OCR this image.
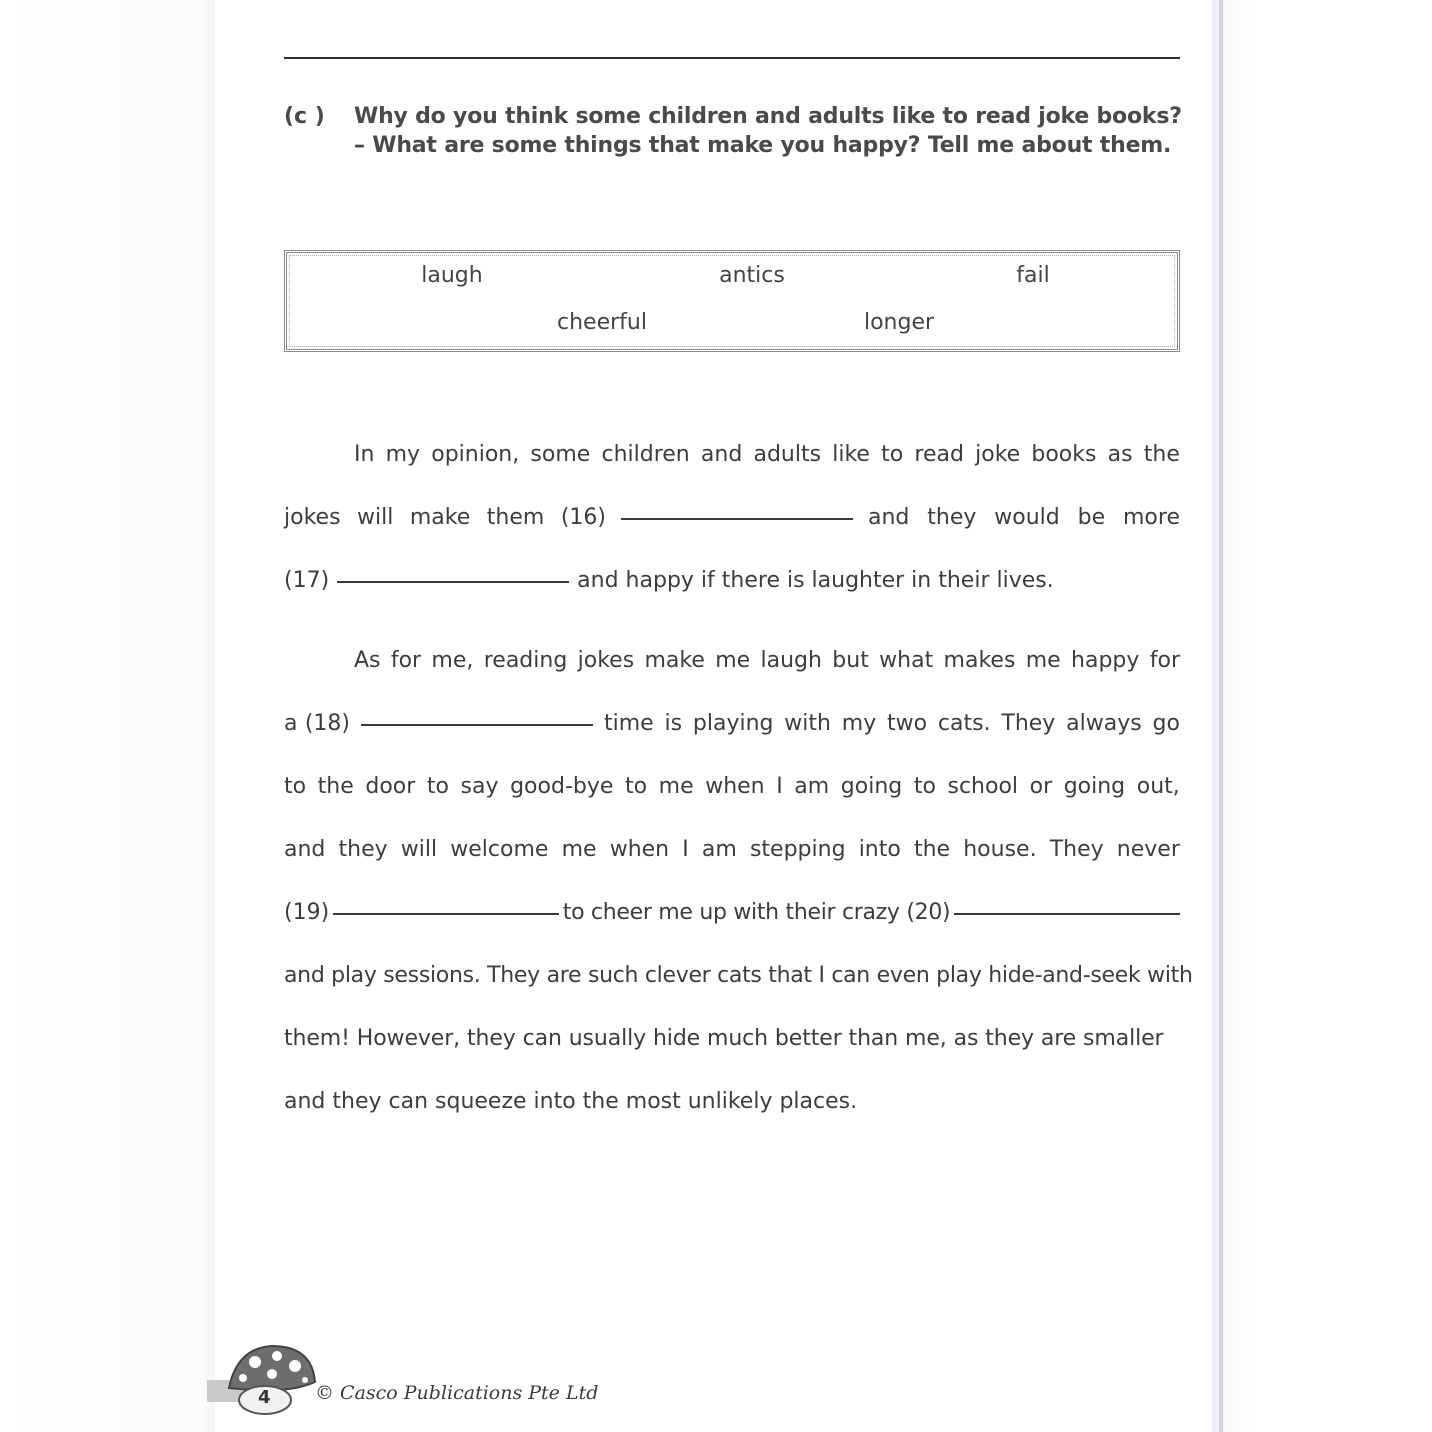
(c ) Why do you think some children and adults like to read joke books?
– What are some things that make you happy? Tell me about them.
laugh	antics	fail
cheerful	longer
In my opinion, some children and adults like to read joke books as the
jokes will make them (16)	and they would be more
(17)	and happy if there is laughter in their lives.
As for me, reading jokes make me laugh but what makes me happy for
a (18)	time is playing with my two cats. They always go
to the door to say good-bye to me when I am going to school or going out,
and they will welcome me when I am stepping into the house. They never
(19)	to cheer me up with their crazy (20)
and play sessions. They are such clever cats that I can even play hide-and-seek with
them! However, they can usually hide much better than me, as they are smaller
and they can squeeze into the most unlikely places.
4 © Casco Publications Pte Ltd
